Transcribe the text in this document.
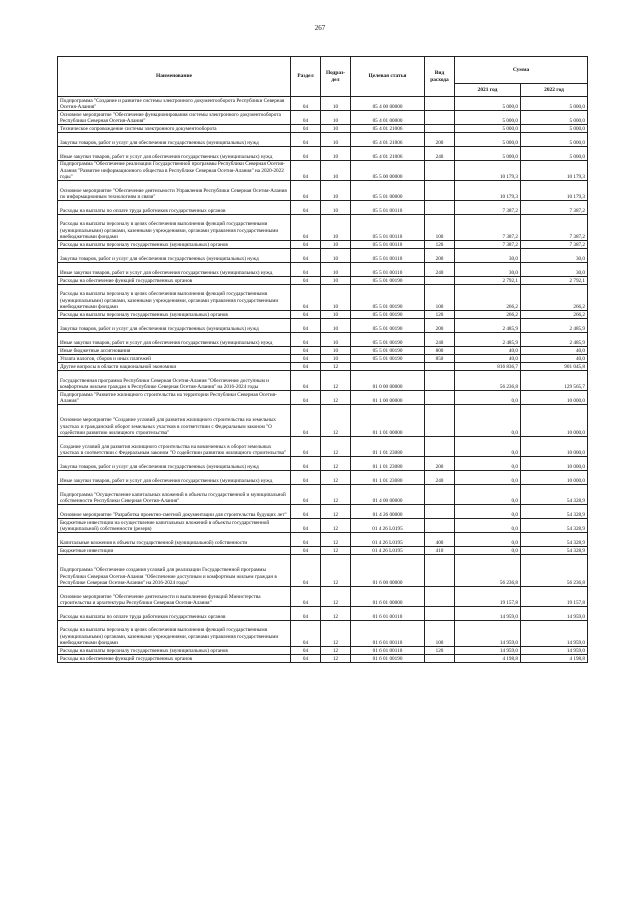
267
Наименование	Раздел	Подраз-
дел	Целевая статья	Вид
расхода	Сумма	
					2021 год	2022 год
Подпрограмма "Создание и развитие системы электронного документооборота Республики Северная Осетия-Алания"	04	10	05 4 00 00000		5 000,0	5 000,0
Основное мероприятие "Обеспечение функционирования системы электронного документооборота Республики Северная Осетия-Алания"	04	10	05 4 01 00000		5 000,0	5 000,0
Техническое сопровождение системы электронного документооборота	04	10	05 4 01 21006		5 000,0	5 000,0
Закупка товаров, работ и услуг для обеспечения государственных (муниципальных) нужд	04	10	05 4 01 21006	200	5 000,0	5 000,0
Иные закупки товаров, работ и услуг для обеспечения государственных (муниципальных) нужд	04	10	05 4 01 21006	240	5 000,0	5 000,0
Подпрограмма "Обеспечение реализации Государственной программы Республики Северная Осетия-Алания "Развитие информационного общества в Республике Северная Осетия-Алания" на 2020-2022 годы"	04	10	05 5 00 00000		10 179,3	10 179,3
Основное мероприятие "Обеспечение деятельности Управления Республики Северная Осетия-Алания по информационным технологиям и связи"	04	10	05 5 01 00000		10 179,3	10 179,3
Расходы на выплаты по оплате труда работников государственных органов	04	10	05 5 01 00110		7 387,2	7 387,2
Расходы на выплаты персоналу в целях обеспечения выполнения функций государственными (муниципальными) органами, казенными учреждениями, органами управления государственными внебюджетными фондами	04	10	05 5 01 00110	100	7 387,2	7 387,2
Расходы на выплаты персоналу государственных (муниципальных) органов	04	10	05 5 01 00110	120	7 387,2	7 387,2
Закупка товаров, работ и услуг для обеспечения государственных (муниципальных) нужд	04	10	05 5 01 00110	200	30,0	30,0
Иные закупки товаров, работ и услуг для обеспечения государственных (муниципальных) нужд	04	10	05 5 01 00110	240	30,0	30,0
Расходы на обеспечение функций государственных органов	04	10	05 5 01 00190		2 792,1	2 792,1
Расходы на выплаты персоналу в целях обеспечения выполнения функций государственными (муниципальными) органами, казенными учреждениями, органами управления государственными внебюджетными фондами	04	10	05 5 01 00190	100	266,2	266,2
Расходы на выплаты персоналу государственных (муниципальных) органов	04	10	05 5 01 00190	120	266,2	266,2
Закупка товаров, работ и услуг для обеспечения государственных (муниципальных) нужд	04	10	05 5 01 00190	200	2 485,9	2 485,9
Иные закупки товаров, работ и услуг для обеспечения государственных (муниципальных) нужд	04	10	05 5 01 00190	240	2 485,9	2 485,9
Иные бюджетные ассигнования	04	10	05 5 01 00190	800	40,0	40,0
Уплата налогов, сборов и иных платежей	04	10	05 5 01 00190	850	40,0	40,0
Другие вопросы в области национальной экономики	04	12			816 836,7	901 045,8
Государственная программа Республики Северная Осетия-Алания "Обеспечение доступным и комфортным жильем граждан в Республике Северная Осетия-Алания" на 2016-2024 годы	04	12	01 0 00 00000		56 236,8	129 565,7
Подпрограмма "Развитие жилищного строительства на территории Республики Северная Осетия-Алания"	04	12	01 1 00 00000		0,0	10 000,0
Основное мероприятие "Создание условий для развития жилищного строительства на земельных участках и гражданский оборот земельных участков в соответствии с Федеральным законом "О содействии развитию жилищного строительства"	04	12	01 1 01 00000		0,0	10 000,0
Создание условий для развития жилищного строительства на вовлеченных в оборот земельных участках в соответствии с Федеральным законом "О содействии развитию жилищного строительства"	04	12	01 1 01 23080		0,0	10 000,0
Закупка товаров, работ и услуг для обеспечения государственных (муниципальных) нужд	04	12	01 1 01 23080	200	0,0	10 000,0
Иные закупки товаров, работ и услуг для обеспечения государственных (муниципальных) нужд	04	12	01 1 01 23080	240	0,0	10 000,0
Подпрограмма "Осуществление капитальных вложений в объекты государственной и муниципальной собственности Республики Северная Осетия-Алания"	04	12	01 4 00 00000		0,0	54 328,9
Основное мероприятие "Разработка проектно-сметной документации для строительства будущих лет"	04	12	01 4 26 00000		0,0	54 328,9
Бюджетные инвестиции на осуществление капитальных вложений в объекты государственной (муниципальной) собственности (резерв)	04	12	01 4 26 L0195		0,0	54 328,9
Капитальные вложения в объекты государственной (муниципальной) собственности	04	12	01 4 26 L0195	400	0,0	54 328,9
Бюджетные инвестиции	04	12	01 4 26 L0195	410	0,0	54 328,9
Подпрограмма "Обеспечение создания условий для реализации Государственной программы Республики Северная Осетия-Алания "Обеспечение доступным и комфортным жильем граждан в Республике Северная Осетия-Алания" на 2016-2024 годы"	04	12	01 6 00 00000		56 236,8	56 236,8
Основное мероприятие "Обеспечение деятельности и выполнение функций Министерства строительства и архитектуры Республики Северная Осетия-Алания"	04	12	01 6 01 00000		19 157,8	19 157,8
Расходы на выплаты по оплате труда работников государственных органов	04	12	01 6 01 00110		14 959,0	14 959,0
Расходы на выплаты персоналу в целях обеспечения выполнения функций государственными (муниципальными) органами, казенными учреждениями, органами управления государственными внебюджетными фондами	04	12	01 6 01 00110	100	14 959,0	14 959,0
Расходы на выплаты персоналу государственных (муниципальных) органов	04	12	01 6 01 00110	120	14 959,0	14 959,0
Расходы на обеспечение функций государственных органов	04	12	01 6 01 00190		4 198,8	4 198,8
